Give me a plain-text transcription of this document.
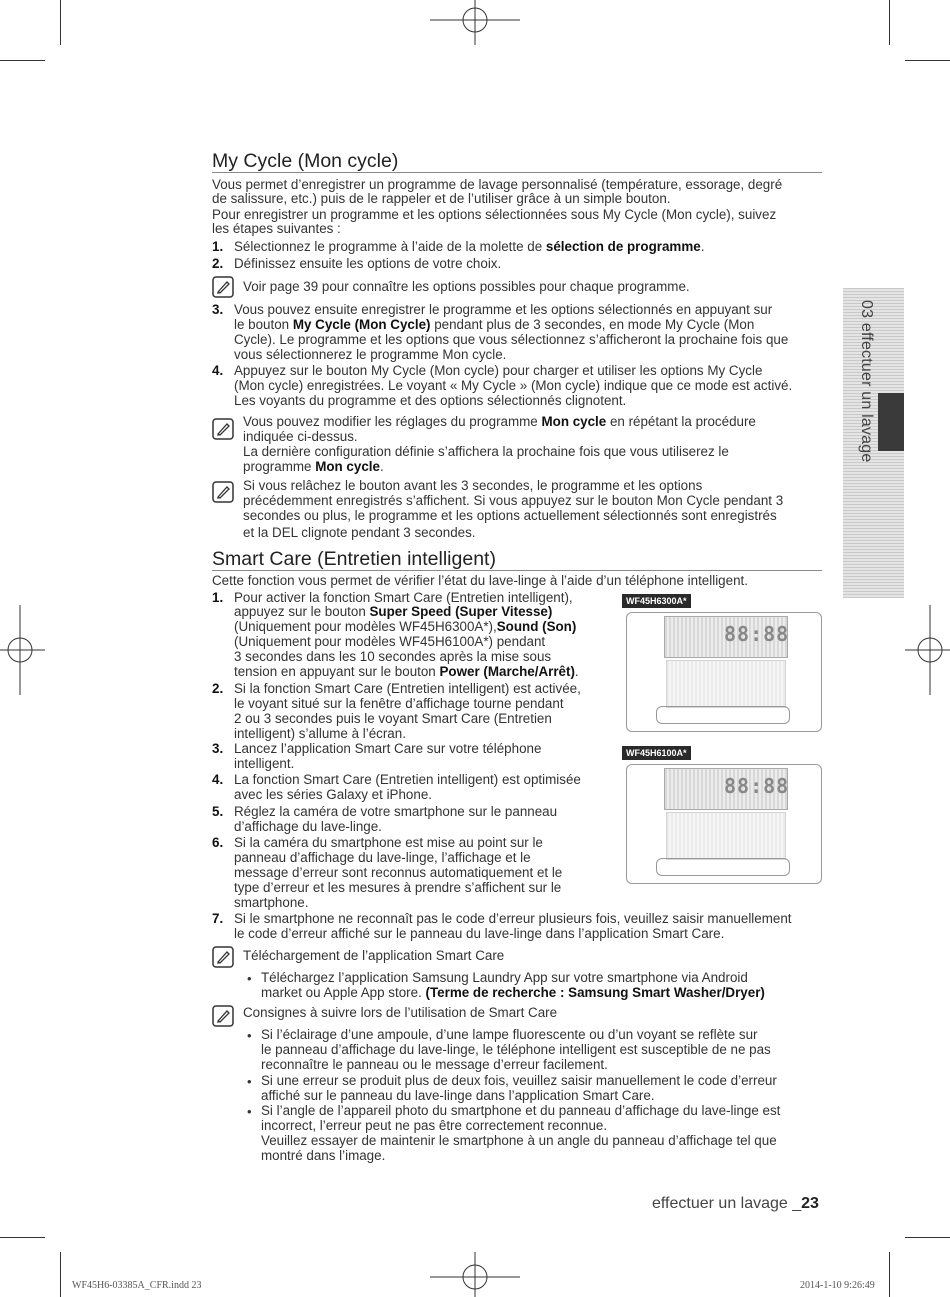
03 effectuer un lavage
My Cycle (Mon cycle)
Vous permet d’enregistrer un programme de lavage personnalisé (température, essorage, degré
de salissure, etc.) puis de le rappeler et de l’utiliser grâce à un simple bouton.
Pour enregistrer un programme et les options sélectionnées sous My Cycle (Mon cycle), suivez
les étapes suivantes :
1. Sélectionnez le programme à l’aide de la molette de sélection de programme.
2. Définissez ensuite les options de votre choix.
Voir page 39 pour connaître les options possibles pour chaque programme.
3. Vous pouvez ensuite enregistrer le programme et les options sélectionnés en appuyant sur
le bouton My Cycle (Mon Cycle) pendant plus de 3 secondes, en mode My Cycle (Mon
Cycle). Le programme et les options que vous sélectionnez s’afficheront la prochaine fois que
vous sélectionnerez le programme Mon cycle.
4. Appuyez sur le bouton My Cycle (Mon cycle) pour charger et utiliser les options My Cycle
(Mon cycle) enregistrées. Le voyant « My Cycle » (Mon cycle) indique que ce mode est activé.
Les voyants du programme et des options sélectionnés clignotent.
Vous pouvez modifier les réglages du programme Mon cycle en répétant la procédure
indiquée ci-dessus.
La dernière configuration définie s’affichera la prochaine fois que vous utiliserez le
programme Mon cycle.
Si vous relâchez le bouton avant les 3 secondes, le programme et les options
précédemment enregistrés s’affichent. Si vous appuyez sur le bouton Mon Cycle pendant 3
secondes ou plus, le programme et les options actuellement sélectionnés sont enregistrés
et la DEL clignote pendant 3 secondes.
Smart Care (Entretien intelligent)
Cette fonction vous permet de vérifier l’état du lave-linge à l’aide d’un téléphone intelligent.
1. Pour activer la fonction Smart Care (Entretien intelligent),
appuyez sur le bouton Super Speed (Super Vitesse)
(Uniquement pour modèles WF45H6300A*),Sound (Son)
(Uniquement pour modèles WF45H6100A*) pendant
3 secondes dans les 10 secondes après la mise sous
tension en appuyant sur le bouton Power (Marche/Arrêt).
2. Si la fonction Smart Care (Entretien intelligent) est activée,
le voyant situé sur la fenêtre d’affichage tourne pendant
2 ou 3 secondes puis le voyant Smart Care (Entretien
intelligent) s’allume à l’écran.
3. Lancez l’application Smart Care sur votre téléphone
intelligent.
4. La fonction Smart Care (Entretien intelligent) est optimisée
avec les séries Galaxy et iPhone.
5. Réglez la caméra de votre smartphone sur le panneau
d’affichage du lave-linge.
6. Si la caméra du smartphone est mise au point sur le
panneau d’affichage du lave-linge, l’affichage et le
message d’erreur sont reconnus automatiquement et le
type d’erreur et les mesures à prendre s’affichent sur le
smartphone.
7. Si le smartphone ne reconnaît pas le code d’erreur plusieurs fois, veuillez saisir manuellement
le code d’erreur affiché sur le panneau du lave-linge dans l’application Smart Care.
Téléchargement de l’application Smart Care
• Téléchargez l’application Samsung Laundry App sur votre smartphone via Android
market ou Apple App store. (Terme de recherche : Samsung Smart Washer/Dryer)
Consignes à suivre lors de l’utilisation de Smart Care
• Si l’éclairage d’une ampoule, d’une lampe fluorescente ou d’un voyant se reflète sur
le panneau d’affichage du lave-linge, le téléphone intelligent est susceptible de ne pas
reconnaître le panneau ou le message d’erreur facilement.
• Si une erreur se produit plus de deux fois, veuillez saisir manuellement le code d’erreur
affiché sur le panneau du lave-linge dans l’application Smart Care.
• Si l’angle de l’appareil photo du smartphone et du panneau d’affichage du lave-linge est
incorrect, l’erreur peut ne pas être correctement reconnue.
Veuillez essayer de maintenir le smartphone à un angle du panneau d’affichage tel que
montré dans l’image.
WF45H6300A*
88:88
WF45H6100A*
88:88
effectuer un lavage _23
WF45H6-03385A_CFR.indd 23	2014-1-10 9:26:49
